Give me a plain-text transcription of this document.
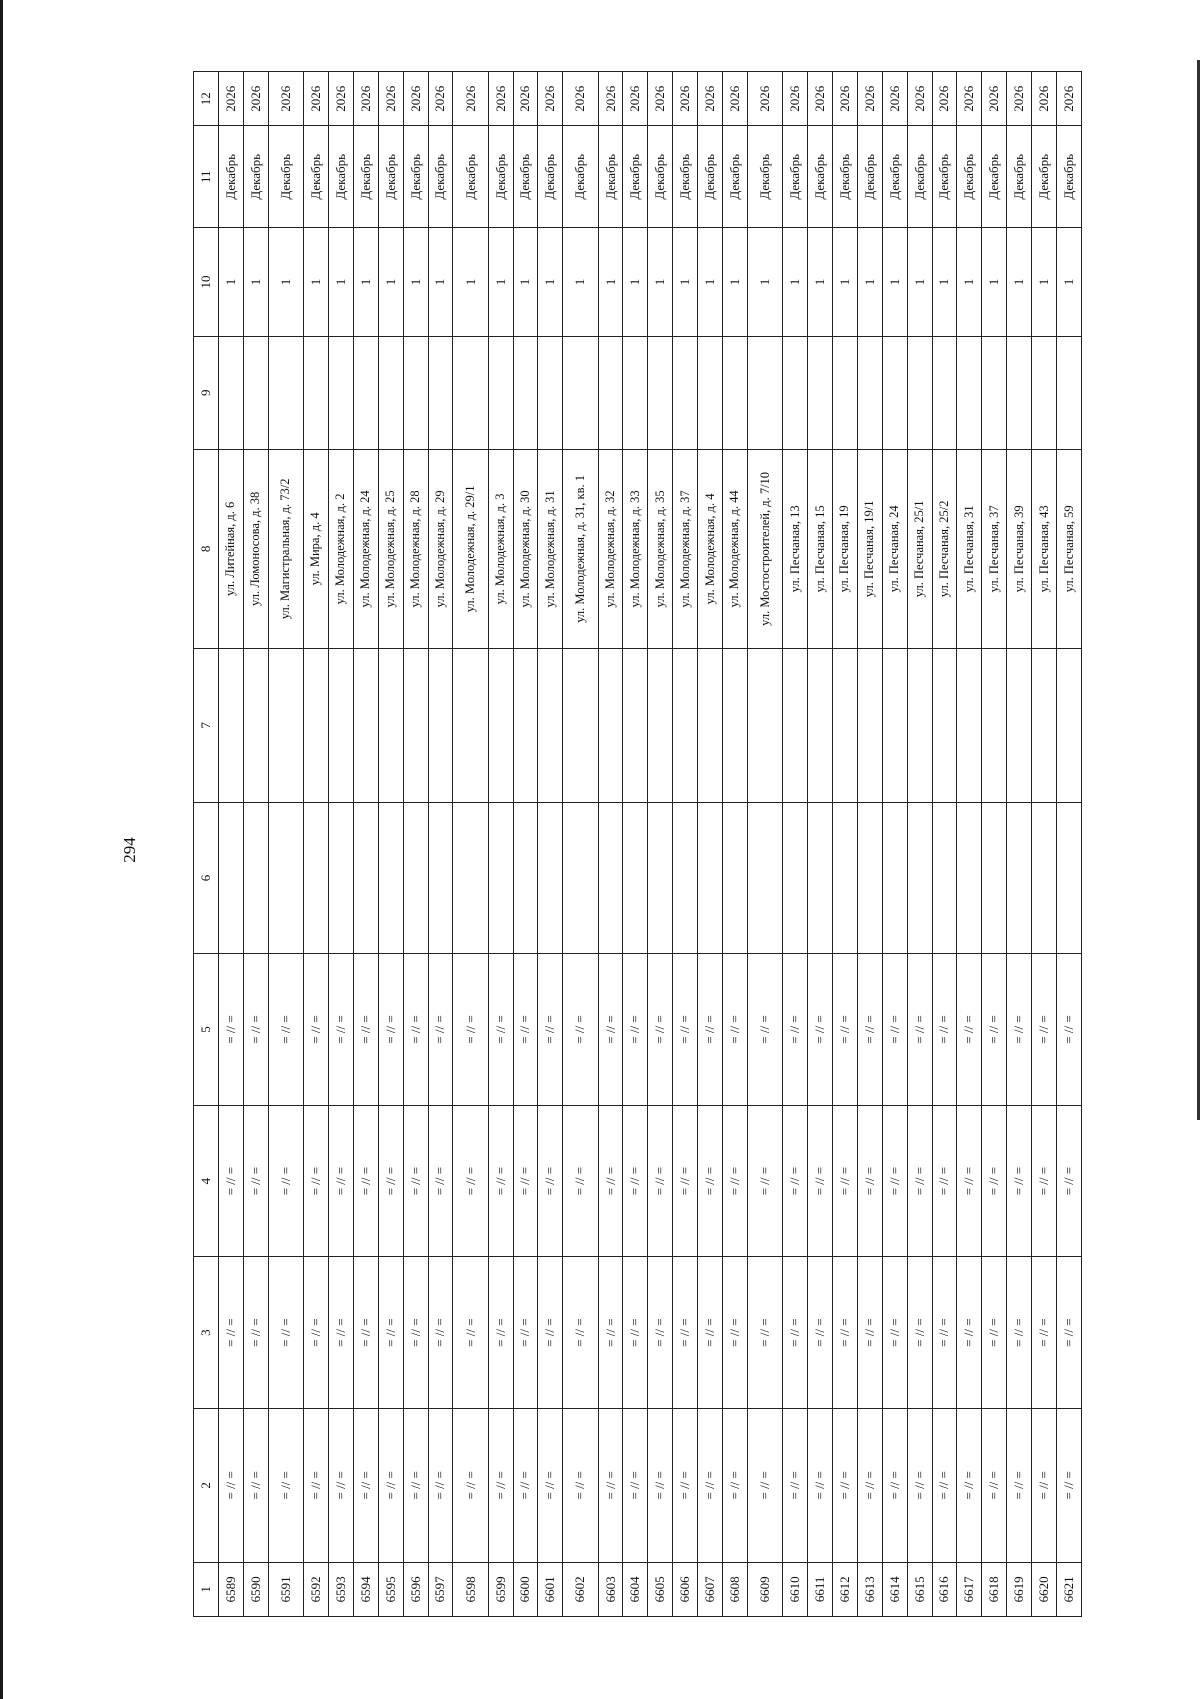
294
1	2	3	4	5	6	7	8	9	10	11	12
6589	= // =	= // =	= // =	= // =			ул. Литейная, д. 6		1	Декабрь	2026
6590	= // =	= // =	= // =	= // =			ул. Ломоносова, д. 38		1	Декабрь	2026
6591	= // =	= // =	= // =	= // =			ул. Магистральная, д. 73/2		1	Декабрь	2026
6592	= // =	= // =	= // =	= // =			ул. Мира, д. 4		1	Декабрь	2026
6593	= // =	= // =	= // =	= // =			ул. Молодежная, д. 2		1	Декабрь	2026
6594	= // =	= // =	= // =	= // =			ул. Молодежная, д. 24		1	Декабрь	2026
6595	= // =	= // =	= // =	= // =			ул. Молодежная, д. 25		1	Декабрь	2026
6596	= // =	= // =	= // =	= // =			ул. Молодежная, д. 28		1	Декабрь	2026
6597	= // =	= // =	= // =	= // =			ул. Молодежная, д. 29		1	Декабрь	2026
6598	= // =	= // =	= // =	= // =			ул. Молодежная, д. 29/1		1	Декабрь	2026
6599	= // =	= // =	= // =	= // =			ул. Молодежная, д. 3		1	Декабрь	2026
6600	= // =	= // =	= // =	= // =			ул. Молодежная, д. 30		1	Декабрь	2026
6601	= // =	= // =	= // =	= // =			ул. Молодежная, д. 31		1	Декабрь	2026
6602	= // =	= // =	= // =	= // =			ул. Молодежная, д. 31, кв. 1		1	Декабрь	2026
6603	= // =	= // =	= // =	= // =			ул. Молодежная, д. 32		1	Декабрь	2026
6604	= // =	= // =	= // =	= // =			ул. Молодежная, д. 33		1	Декабрь	2026
6605	= // =	= // =	= // =	= // =			ул. Молодежная, д. 35		1	Декабрь	2026
6606	= // =	= // =	= // =	= // =			ул. Молодежная, д. 37		1	Декабрь	2026
6607	= // =	= // =	= // =	= // =			ул. Молодежная, д. 4		1	Декабрь	2026
6608	= // =	= // =	= // =	= // =			ул. Молодежная, д. 44		1	Декабрь	2026
6609	= // =	= // =	= // =	= // =			ул. Мостостроителей, д. 7/10		1	Декабрь	2026
6610	= // =	= // =	= // =	= // =			ул. Песчаная, 13		1	Декабрь	2026
6611	= // =	= // =	= // =	= // =			ул. Песчаная, 15		1	Декабрь	2026
6612	= // =	= // =	= // =	= // =			ул. Песчаная, 19		1	Декабрь	2026
6613	= // =	= // =	= // =	= // =			ул. Песчаная, 19/1		1	Декабрь	2026
6614	= // =	= // =	= // =	= // =			ул. Песчаная, 24		1	Декабрь	2026
6615	= // =	= // =	= // =	= // =			ул. Песчаная, 25/1		1	Декабрь	2026
6616	= // =	= // =	= // =	= // =			ул. Песчаная, 25/2		1	Декабрь	2026
6617	= // =	= // =	= // =	= // =			ул. Песчаная, 31		1	Декабрь	2026
6618	= // =	= // =	= // =	= // =			ул. Песчаная, 37		1	Декабрь	2026
6619	= // =	= // =	= // =	= // =			ул. Песчаная, 39		1	Декабрь	2026
6620	= // =	= // =	= // =	= // =			ул. Песчаная, 43		1	Декабрь	2026
6621	= // =	= // =	= // =	= // =			ул. Песчаная, 59		1	Декабрь	2026
